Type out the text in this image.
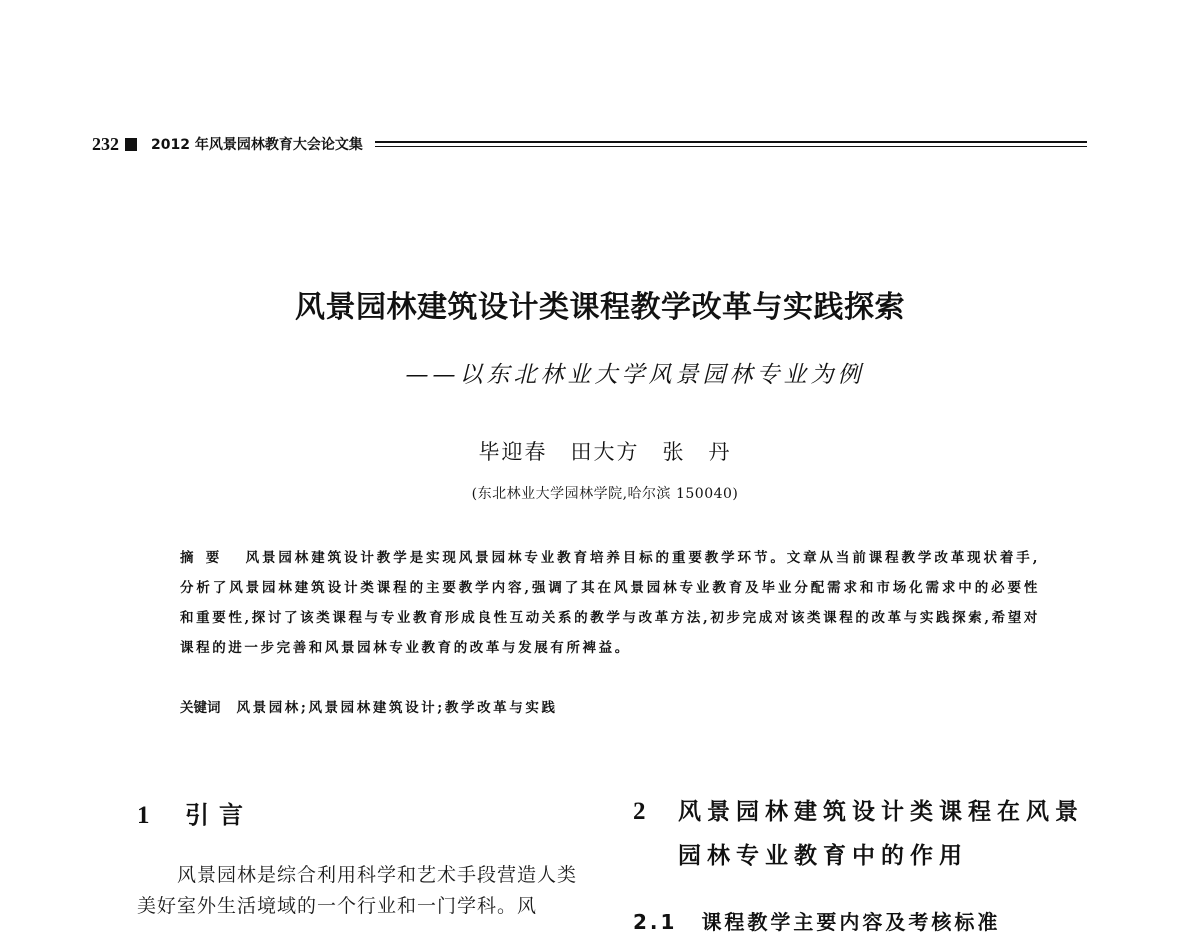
232 2012 年风景园林教育大会论文集
风景园林建筑设计类课程教学改革与实践探索
——以东北林业大学风景园林专业为例
毕迎春　田大方　张　丹
(东北林业大学园林学院,哈尔滨 150040)
摘要 风景园林建筑设计教学是实现风景园林专业教育培养目标的重要教学环节。文章从当前课程教学改革现状着手,分析了风景园林建筑设计类课程的主要教学内容,强调了其在风景园林专业教育及毕业分配需求和市场化需求中的必要性和重要性,探讨了该类课程与专业教育形成良性互动关系的教学与改革方法,初步完成对该类课程的改革与实践探索,希望对课程的进一步完善和风景园林专业教育的改革与发展有所裨益。
关键词 风景园林;风景园林建筑设计;教学改革与实践
1	引言
风景园林是综合利用科学和艺术手段营造人类美好室外生活境域的一个行业和一门学科。风
2	风景园林建筑设计类课程在风景园林专业教育中的作用
2.1 课程教学主要内容及考核标准
